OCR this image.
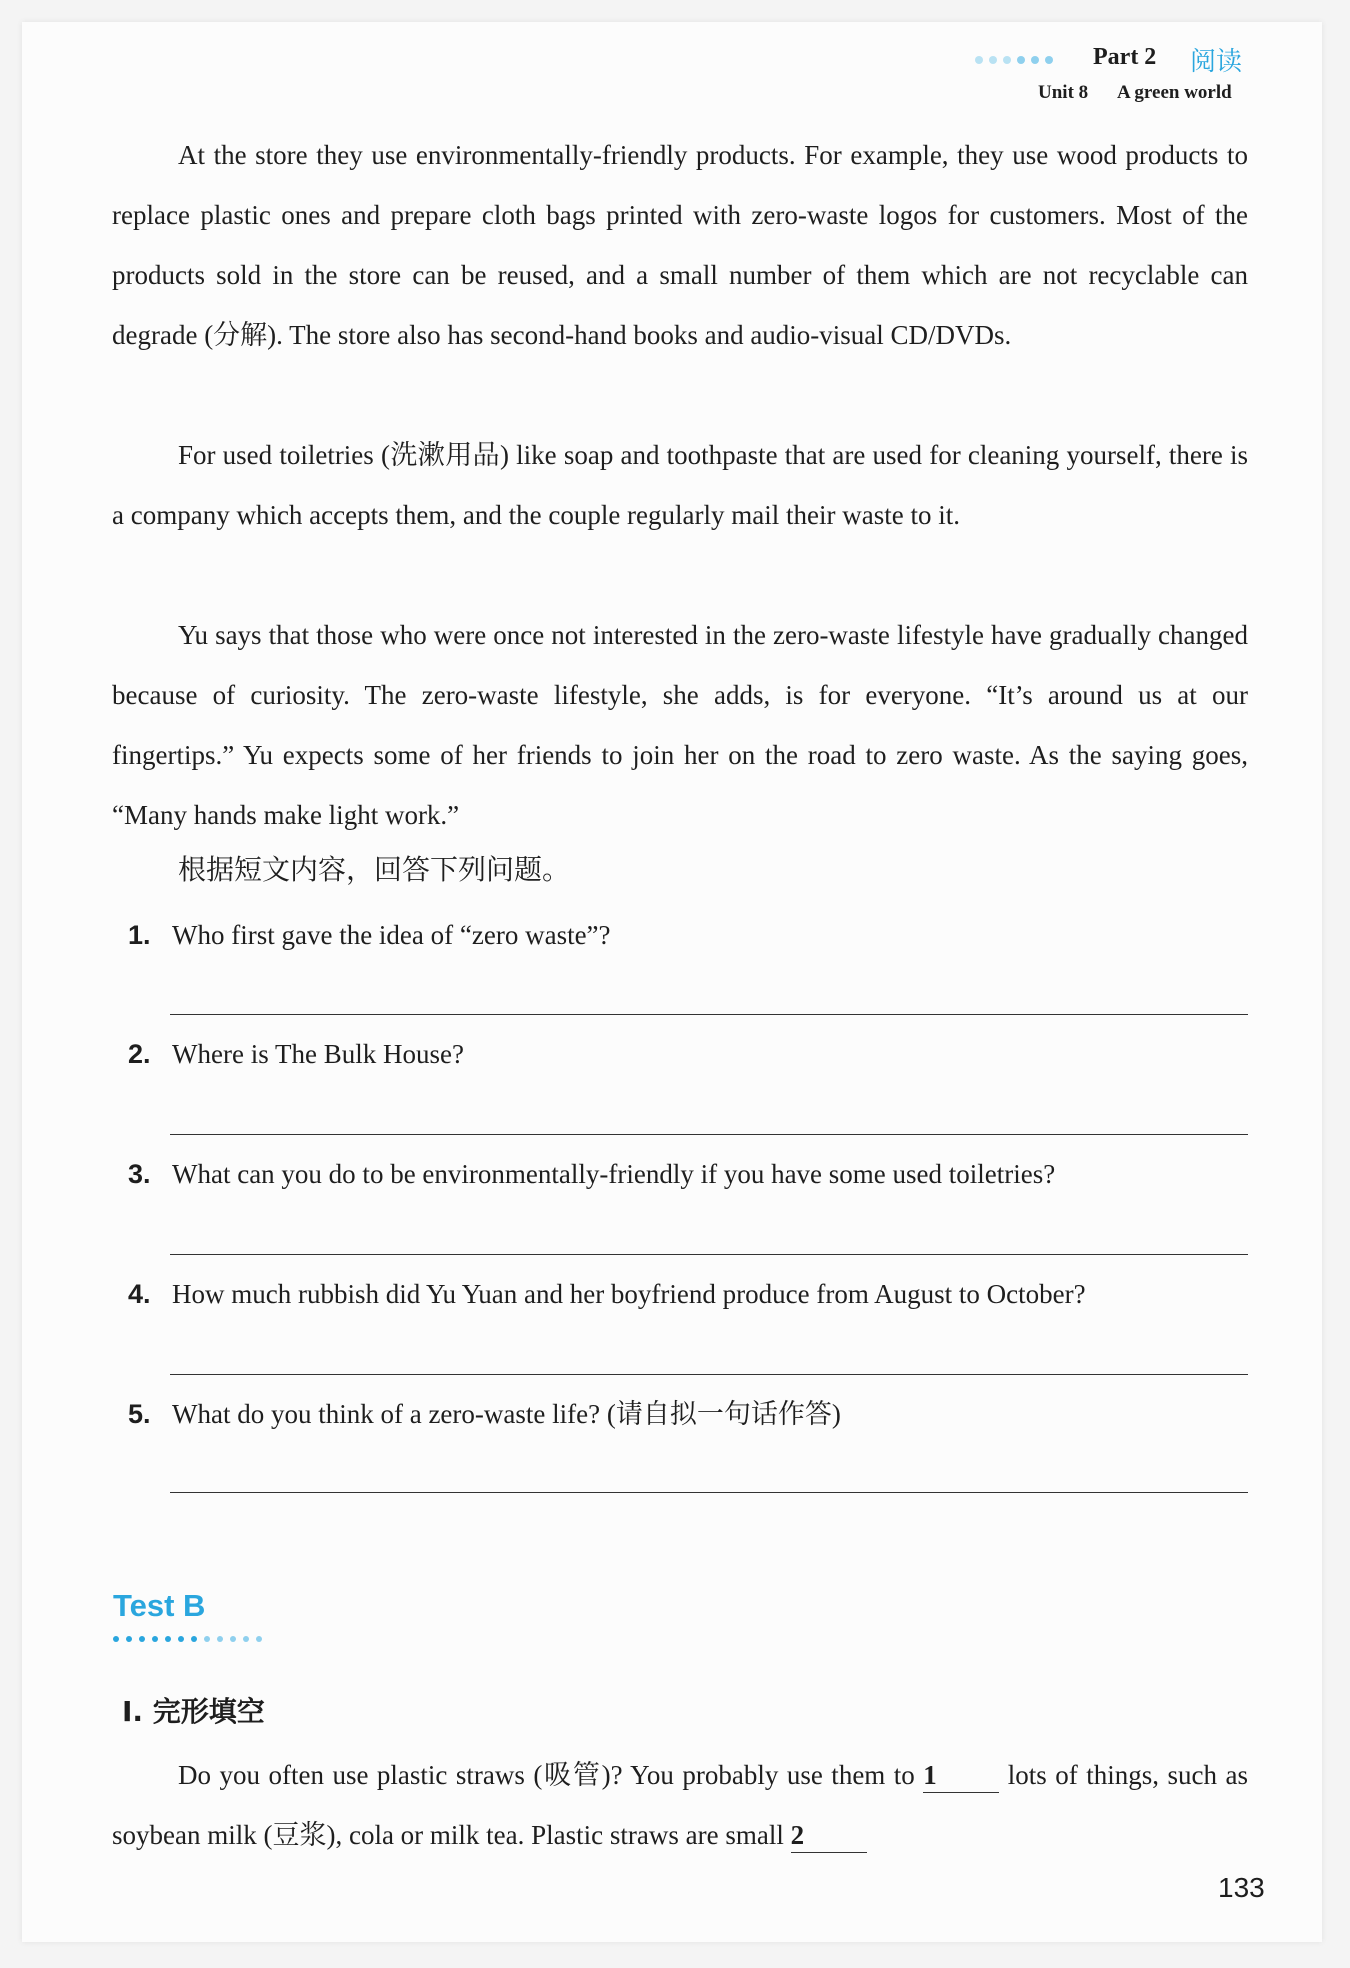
Part 2 阅读
Unit 8 A green world

At the store they use environmentally-friendly products. For example, they use wood products to replace plastic ones and prepare cloth bags printed with zero-waste logos for customers. Most of the products sold in the store can be reused, and a small number of them which are not recyclable can degrade (分解). The store also has second-hand books and audio-visual CD/DVDs.

For used toiletries (洗漱用品) like soap and toothpaste that are used for cleaning yourself, there is a company which accepts them, and the couple regularly mail their waste to it.

Yu says that those who were once not interested in the zero-waste lifestyle have gradually changed because of curiosity. The zero-waste lifestyle, she adds, is for everyone. “It’s around us at our fingertips.” Yu expects some of her friends to join her on the road to zero waste. As the saying goes, “Many hands make light work.”

根据短文内容，回答下列问题。
1. Who first gave the idea of “zero waste”?
2. Where is The Bulk House?
3. What can you do to be environmentally-friendly if you have some used toiletries?
4. How much rubbish did Yu Yuan and her boyfriend produce from August to October?
5. What do you think of a zero-waste life? (请自拟一句话作答)
Test B
Ⅰ. 完形填空

Do you often use plastic straws (吸管)? You probably use them to 1 lots of things, such as soybean milk (豆浆), cola or milk tea. Plastic straws are small 2

133
